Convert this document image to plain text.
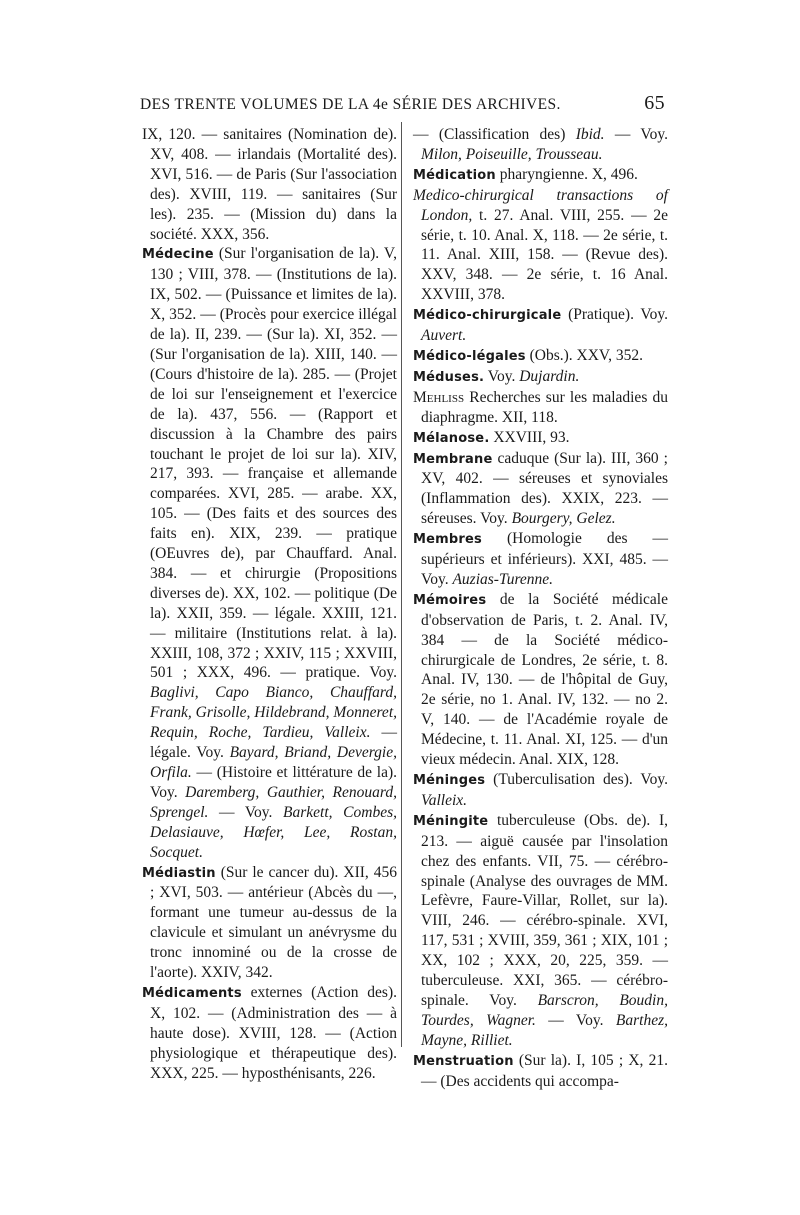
DES TRENTE VOLUMES DE LA 4e SÉRIE DES ARCHIVES.	65

IX, 120. — sanitaires (Nomination de). XV, 408. — irlandais (Mortalité des). XVI, 516. — de Paris (Sur l'association des). XVIII, 119. — sanitaires (Sur les). 235. — (Mission du) dans la société. XXX, 356.

Médecine (Sur l'organisation de la). V, 130 ; VIII, 378. — (Institutions de la). IX, 502. — (Puissance et limites de la). X, 352. — (Procès pour exercice illégal de la). II, 239. — (Sur la). XI, 352. — (Sur l'organisation de la). XIII, 140. — (Cours d'histoire de la). 285. — (Projet de loi sur l'enseignement et l'exercice de la). 437, 556. — (Rapport et discussion à la Chambre des pairs touchant le projet de loi sur la). XIV, 217, 393. — française et allemande comparées. XVI, 285. — arabe. XX, 105. — (Des faits et des sources des faits en). XIX, 239. — pratique (OEuvres de), par Chauffard. Anal. 384. — et chirurgie (Propositions diverses de). XX, 102. — politique (De la). XXII, 359. — légale. XXIII, 121. — militaire (Institutions relat. à la). XXIII, 108, 372 ; XXIV, 115 ; XXVIII, 501 ; XXX, 496. — pratique. Voy. Baglivi, Capo Bianco, Chauffard, Frank, Grisolle, Hildebrand, Monneret, Requin, Roche, Tardieu, Valleix. — légale. Voy. Bayard, Briand, Devergie, Orfila. — (Histoire et littérature de la). Voy. Daremberg, Gauthier, Renouard, Sprengel. — Voy. Barkett, Combes, Delasiauve, Hœfer, Lee, Rostan, Socquet.

Médiastin (Sur le cancer du). XII, 456 ; XVI, 503. — antérieur (Abcès du —, formant une tumeur au-dessus de la clavicule et simulant un anévrysme du tronc innominé ou de la crosse de l'aorte). XXIV, 342.

Médicaments externes (Action des). X, 102. — (Administration des — à haute dose). XVIII, 128. — (Action physiologique et thérapeutique des). XXX, 225. — hyposthénisants, 226.

— (Classification des) Ibid. — Voy. Milon, Poiseuille, Trousseau.

Médication pharyngienne. X, 496.

Medico-chirurgical transactions of London, t. 27. Anal. VIII, 255. — 2e série, t. 10. Anal. X, 118. — 2e série, t. 11. Anal. XIII, 158. — (Revue des). XXV, 348. — 2e série, t. 16 Anal. XXVIII, 378.

Médico-chirurgicale (Pratique). Voy. Auvert.

Médico-légales (Obs.). XXV, 352.

Méduses. Voy. Dujardin.

Mehliss Recherches sur les maladies du diaphragme. XII, 118.

Mélanose. XXVIII, 93.

Membrane caduque (Sur la). III, 360 ; XV, 402. — séreuses et synoviales (Inflammation des). XXIX, 223. — séreuses. Voy. Bourgery, Gelez.

Membres (Homologie des — supérieurs et inférieurs). XXI, 485. — Voy. Auzias-Turenne.

Mémoires de la Société médicale d'observation de Paris, t. 2. Anal. IV, 384 — de la Société médico-chirurgicale de Londres, 2e série, t. 8. Anal. IV, 130. — de l'hôpital de Guy, 2e série, no 1. Anal. IV, 132. — no 2. V, 140. — de l'Académie royale de Médecine, t. 11. Anal. XI, 125. — d'un vieux médecin. Anal. XIX, 128.

Méninges (Tuberculisation des). Voy. Valleix.

Méningite tuberculeuse (Obs. de). I, 213. — aiguë causée par l'insolation chez des enfants. VII, 75. — cérébro-spinale (Analyse des ouvrages de MM. Lefèvre, Faure-Villar, Rollet, sur la). VIII, 246. — cérébro-spinale. XVI, 117, 531 ; XVIII, 359, 361 ; XIX, 101 ; XX, 102 ; XXX, 20, 225, 359. — tuberculeuse. XXI, 365. — cérébro-spinale. Voy. Barscron, Boudin, Tourdes, Wagner. — Voy. Barthez, Mayne, Rilliet.

Menstruation (Sur la). I, 105 ; X, 21. — (Des accidents qui accompa-
